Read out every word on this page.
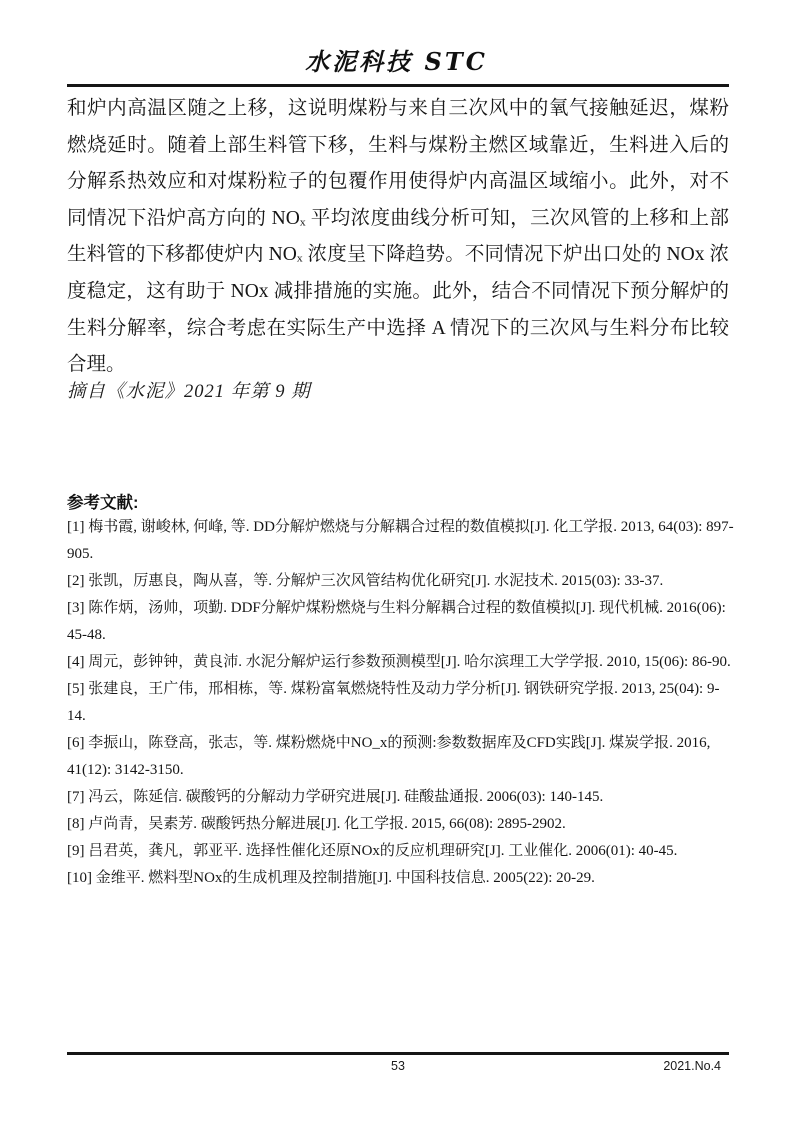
水泥科技 STC
和炉内高温区随之上移，这说明煤粉与来自三次风中的氧气接触延迟，煤粉燃烧延时。随着上部生料管下移，生料与煤粉主燃区域靠近，生料进入后的分解系热效应和对煤粉粒子的包覆作用使得炉内高温区域缩小。此外，对不同情况下沿炉高方向的 NOₓ 平均浓度曲线分析可知，三次风管的上移和上部生料管的下移都使炉内 NOₓ 浓度呈下降趋势。不同情况下炉出口处的 NOx 浓度稳定，这有助于 NOx 减排措施的实施。此外，结合不同情况下预分解炉的生料分解率，综合考虑在实际生产中选择 A 情况下的三次风与生料分布比较合理。
摘自《水泥》2021 年第 9 期
参考文献:
[1] 梅书霞, 谢峻林, 何峰, 等. DD分解炉燃烧与分解耦合过程的数值模拟[J]. 化工学报. 2013, 64(03): 897-905.
[2] 张凯，厉惠良，陶从喜，等. 分解炉三次风管结构优化研究[J]. 水泥技术. 2015(03): 33-37.
[3] 陈作炳，汤帅，项勤. DDF分解炉煤粉燃烧与生料分解耦合过程的数值模拟[J]. 现代机械. 2016(06): 45-48.
[4] 周元，彭钟钟，黄良沛. 水泥分解炉运行参数预测模型[J]. 哈尔滨理工大学学报. 2010, 15(06): 86-90.
[5] 张建良，王广伟，邢相栋，等. 煤粉富氧燃烧特性及动力学分析[J]. 钢铁研究学报. 2013, 25(04): 9-14.
[6] 李振山，陈登高，张志，等. 煤粉燃烧中NO_x的预测:参数数据库及CFD实践[J]. 煤炭学报. 2016, 41(12): 3142-3150.
[7] 冯云，陈延信. 碳酸钙的分解动力学研究进展[J]. 硅酸盐通报. 2006(03): 140-145.
[8] 卢尚青，吴素芳. 碳酸钙热分解进展[J]. 化工学报. 2015, 66(08): 2895-2902.
[9] 吕君英，龚凡，郭亚平. 选择性催化还原NOx的反应机理研究[J]. 工业催化. 2006(01): 40-45.
[10] 金维平. 燃料型NOx的生成机理及控制措施[J]. 中国科技信息. 2005(22): 20-29.
53	2021.No.4
